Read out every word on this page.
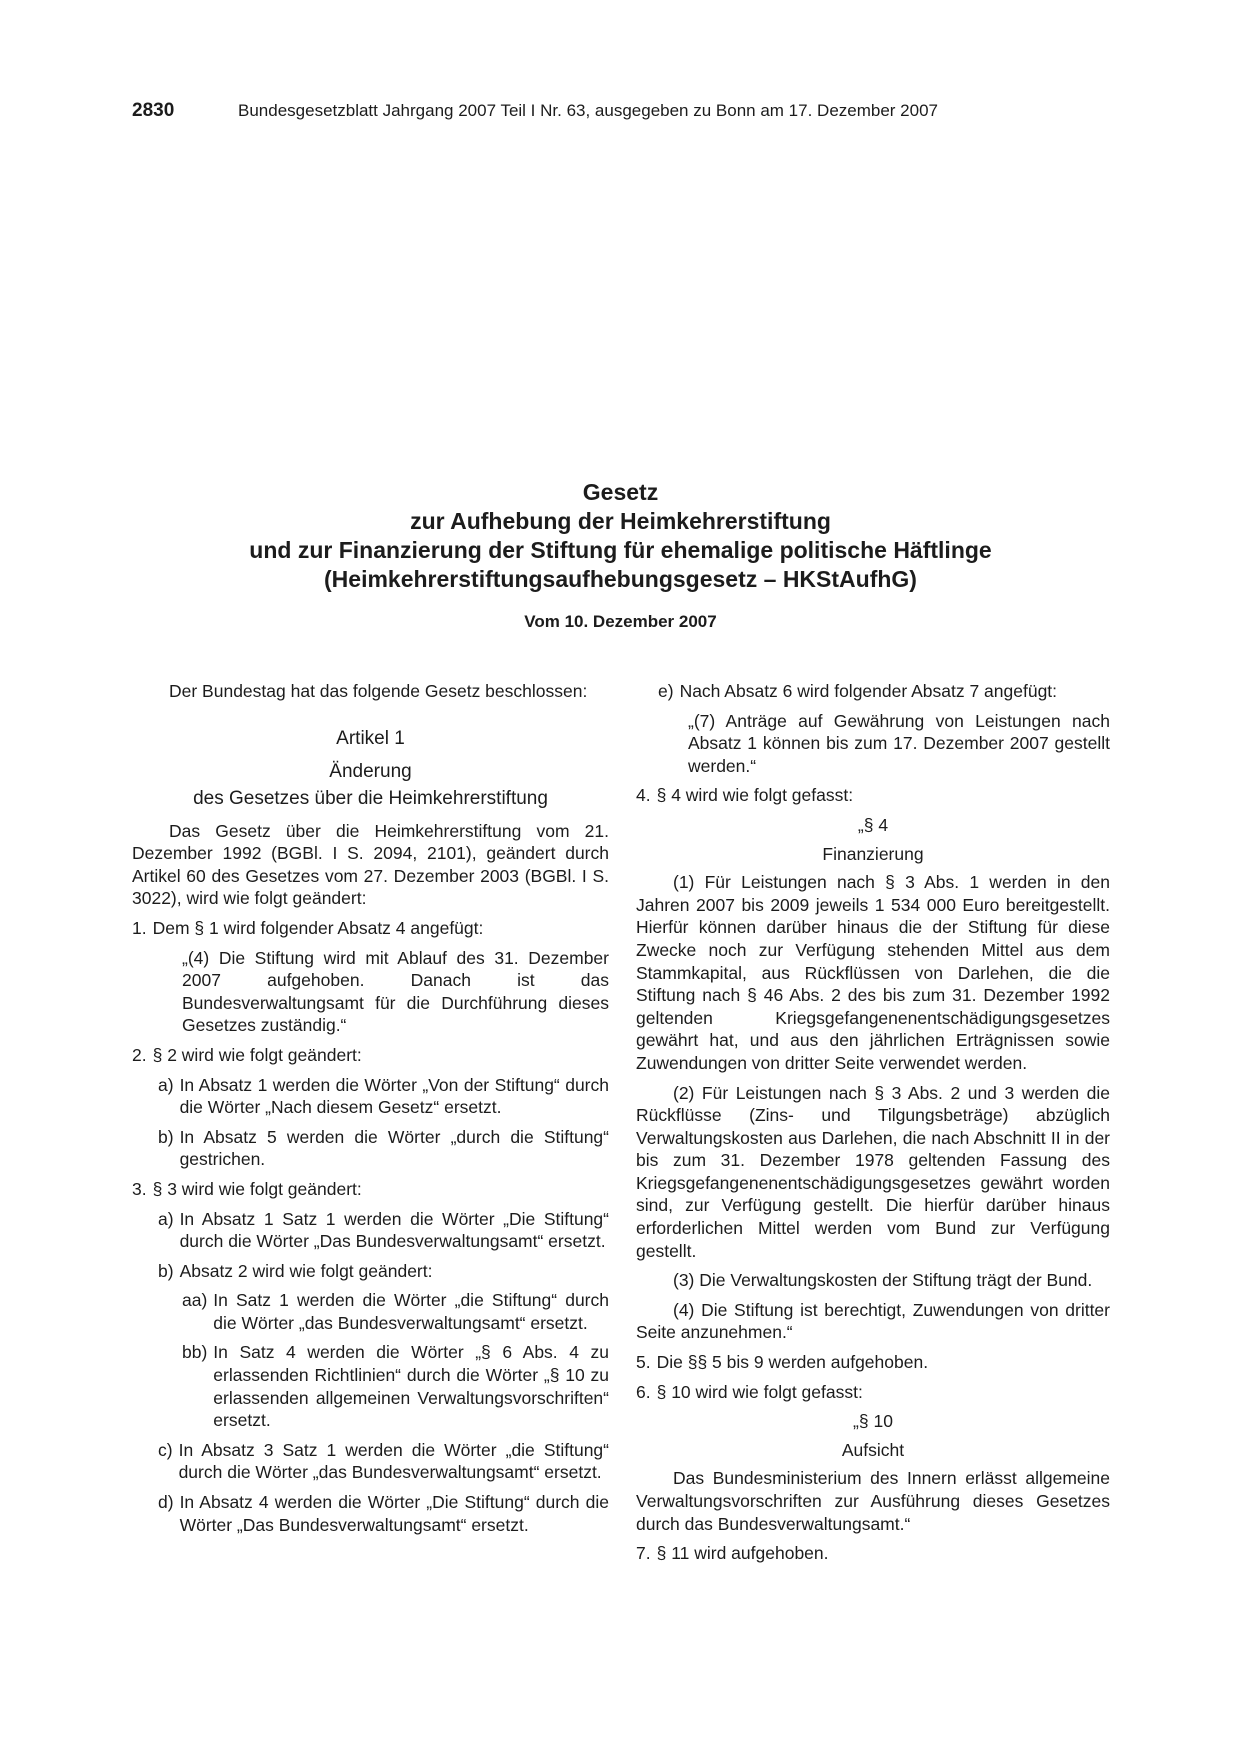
2830	Bundesgesetzblatt Jahrgang 2007 Teil I Nr. 63, ausgegeben zu Bonn am 17. Dezember 2007
Gesetz
zur Aufhebung der Heimkehrerstiftung
und zur Finanzierung der Stiftung für ehemalige politische Häftlinge
(Heimkehrerstiftungsaufhebungsgesetz – HKStAufhG)
Vom 10. Dezember 2007

Der Bundestag hat das folgende Gesetz beschlossen:

Artikel 1
Änderung
des Gesetzes über die Heimkehrerstiftung

Das Gesetz über die Heimkehrerstiftung vom 21. Dezember 1992 (BGBl. I S. 2094, 2101), geändert durch Artikel 60 des Gesetzes vom 27. Dezember 2003 (BGBl. I S. 3022), wird wie folgt geändert:

1. Dem § 1 wird folgender Absatz 4 angefügt:

„(4) Die Stiftung wird mit Ablauf des 31. Dezember 2007 aufgehoben. Danach ist das Bundesverwaltungsamt für die Durchführung dieses Gesetzes zuständig.“

2. § 2 wird wie folgt geändert:
a) In Absatz 1 werden die Wörter „Von der Stiftung“ durch die Wörter „Nach diesem Gesetz“ ersetzt.
b) In Absatz 5 werden die Wörter „durch die Stiftung“ gestrichen.
3. § 3 wird wie folgt geändert:
a) In Absatz 1 Satz 1 werden die Wörter „Die Stiftung“ durch die Wörter „Das Bundesverwaltungsamt“ ersetzt.
b) Absatz 2 wird wie folgt geändert:
aa) In Satz 1 werden die Wörter „die Stiftung“ durch die Wörter „das Bundesverwaltungsamt“ ersetzt.
bb) In Satz 4 werden die Wörter „§ 6 Abs. 4 zu erlassenden Richtlinien“ durch die Wörter „§ 10 zu erlassenden allgemeinen Verwaltungsvorschriften“ ersetzt.
c) In Absatz 3 Satz 1 werden die Wörter „die Stiftung“ durch die Wörter „das Bundesverwaltungsamt“ ersetzt.
d) In Absatz 4 werden die Wörter „Die Stiftung“ durch die Wörter „Das Bundesverwaltungsamt“ ersetzt.
e) Nach Absatz 6 wird folgender Absatz 7 angefügt:

„(7) Anträge auf Gewährung von Leistungen nach Absatz 1 können bis zum 17. Dezember 2007 gestellt werden.“

4. § 4 wird wie folgt gefasst:
„§ 4
Finanzierung

(1) Für Leistungen nach § 3 Abs. 1 werden in den Jahren 2007 bis 2009 jeweils 1 534 000 Euro bereitgestellt. Hierfür können darüber hinaus die der Stiftung für diese Zwecke noch zur Verfügung stehenden Mittel aus dem Stammkapital, aus Rückflüssen von Darlehen, die die Stiftung nach § 46 Abs. 2 des bis zum 31. Dezember 1992 geltenden Kriegsgefangenenentschädigungsgesetzes gewährt hat, und aus den jährlichen Erträgnissen sowie Zuwendungen von dritter Seite verwendet werden.

(2) Für Leistungen nach § 3 Abs. 2 und 3 werden die Rückflüsse (Zins- und Tilgungsbeträge) abzüglich Verwaltungskosten aus Darlehen, die nach Abschnitt II in der bis zum 31. Dezember 1978 geltenden Fassung des Kriegsgefangenenentschädigungsgesetzes gewährt worden sind, zur Verfügung gestellt. Die hierfür darüber hinaus erforderlichen Mittel werden vom Bund zur Verfügung gestellt.

(3) Die Verwaltungskosten der Stiftung trägt der Bund.

(4) Die Stiftung ist berechtigt, Zuwendungen von dritter Seite anzunehmen.“

5. Die §§ 5 bis 9 werden aufgehoben.
6. § 10 wird wie folgt gefasst:
„§ 10
Aufsicht

Das Bundesministerium des Innern erlässt allgemeine Verwaltungsvorschriften zur Ausführung dieses Gesetzes durch das Bundesverwaltungsamt.“

7. § 11 wird aufgehoben.
